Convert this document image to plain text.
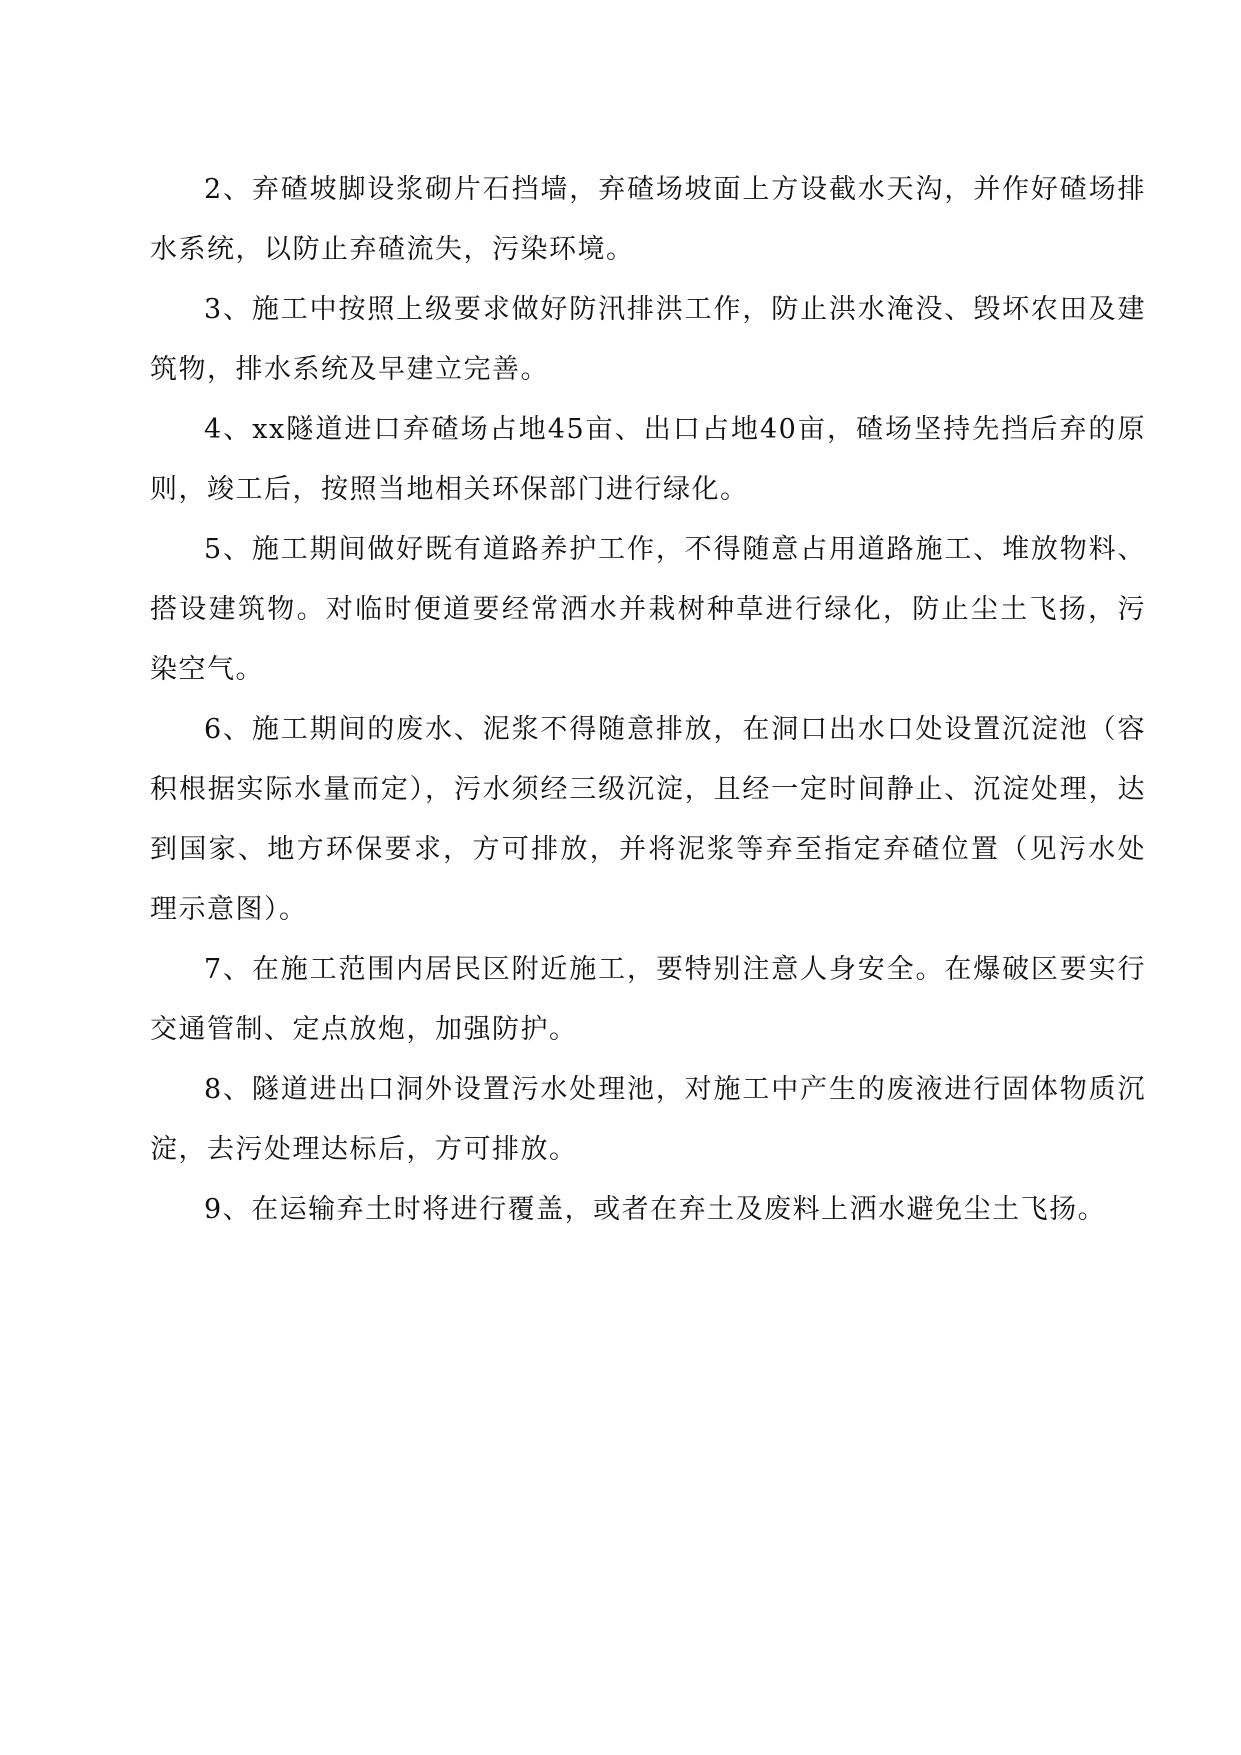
2、弃碴坡脚设浆砌片石挡墙，弃碴场坡面上方设截水天沟，并作好碴场排水系统，以防止弃碴流失，污染环境。

3、施工中按照上级要求做好防汛排洪工作，防止洪水淹没、毁坏农田及建筑物，排水系统及早建立完善。

4、xx隧道进口弃碴场占地45亩、出口占地40亩，碴场坚持先挡后弃的原则，竣工后，按照当地相关环保部门进行绿化。

5、施工期间做好既有道路养护工作，不得随意占用道路施工、堆放物料、搭设建筑物。对临时便道要经常洒水并栽树种草进行绿化，防止尘土飞扬，污染空气。

6、施工期间的废水、泥浆不得随意排放，在洞口出水口处设置沉淀池（容积根据实际水量而定），污水须经三级沉淀，且经一定时间静止、沉淀处理，达到国家、地方环保要求，方可排放，并将泥浆等弃至指定弃碴位置（见污水处理示意图）。

7、在施工范围内居民区附近施工，要特别注意人身安全。在爆破区要实行交通管制、定点放炮，加强防护。

8、隧道进出口洞外设置污水处理池，对施工中产生的废液进行固体物质沉淀，去污处理达标后，方可排放。

9、在运输弃土时将进行覆盖，或者在弃土及废料上洒水避免尘土飞扬。
